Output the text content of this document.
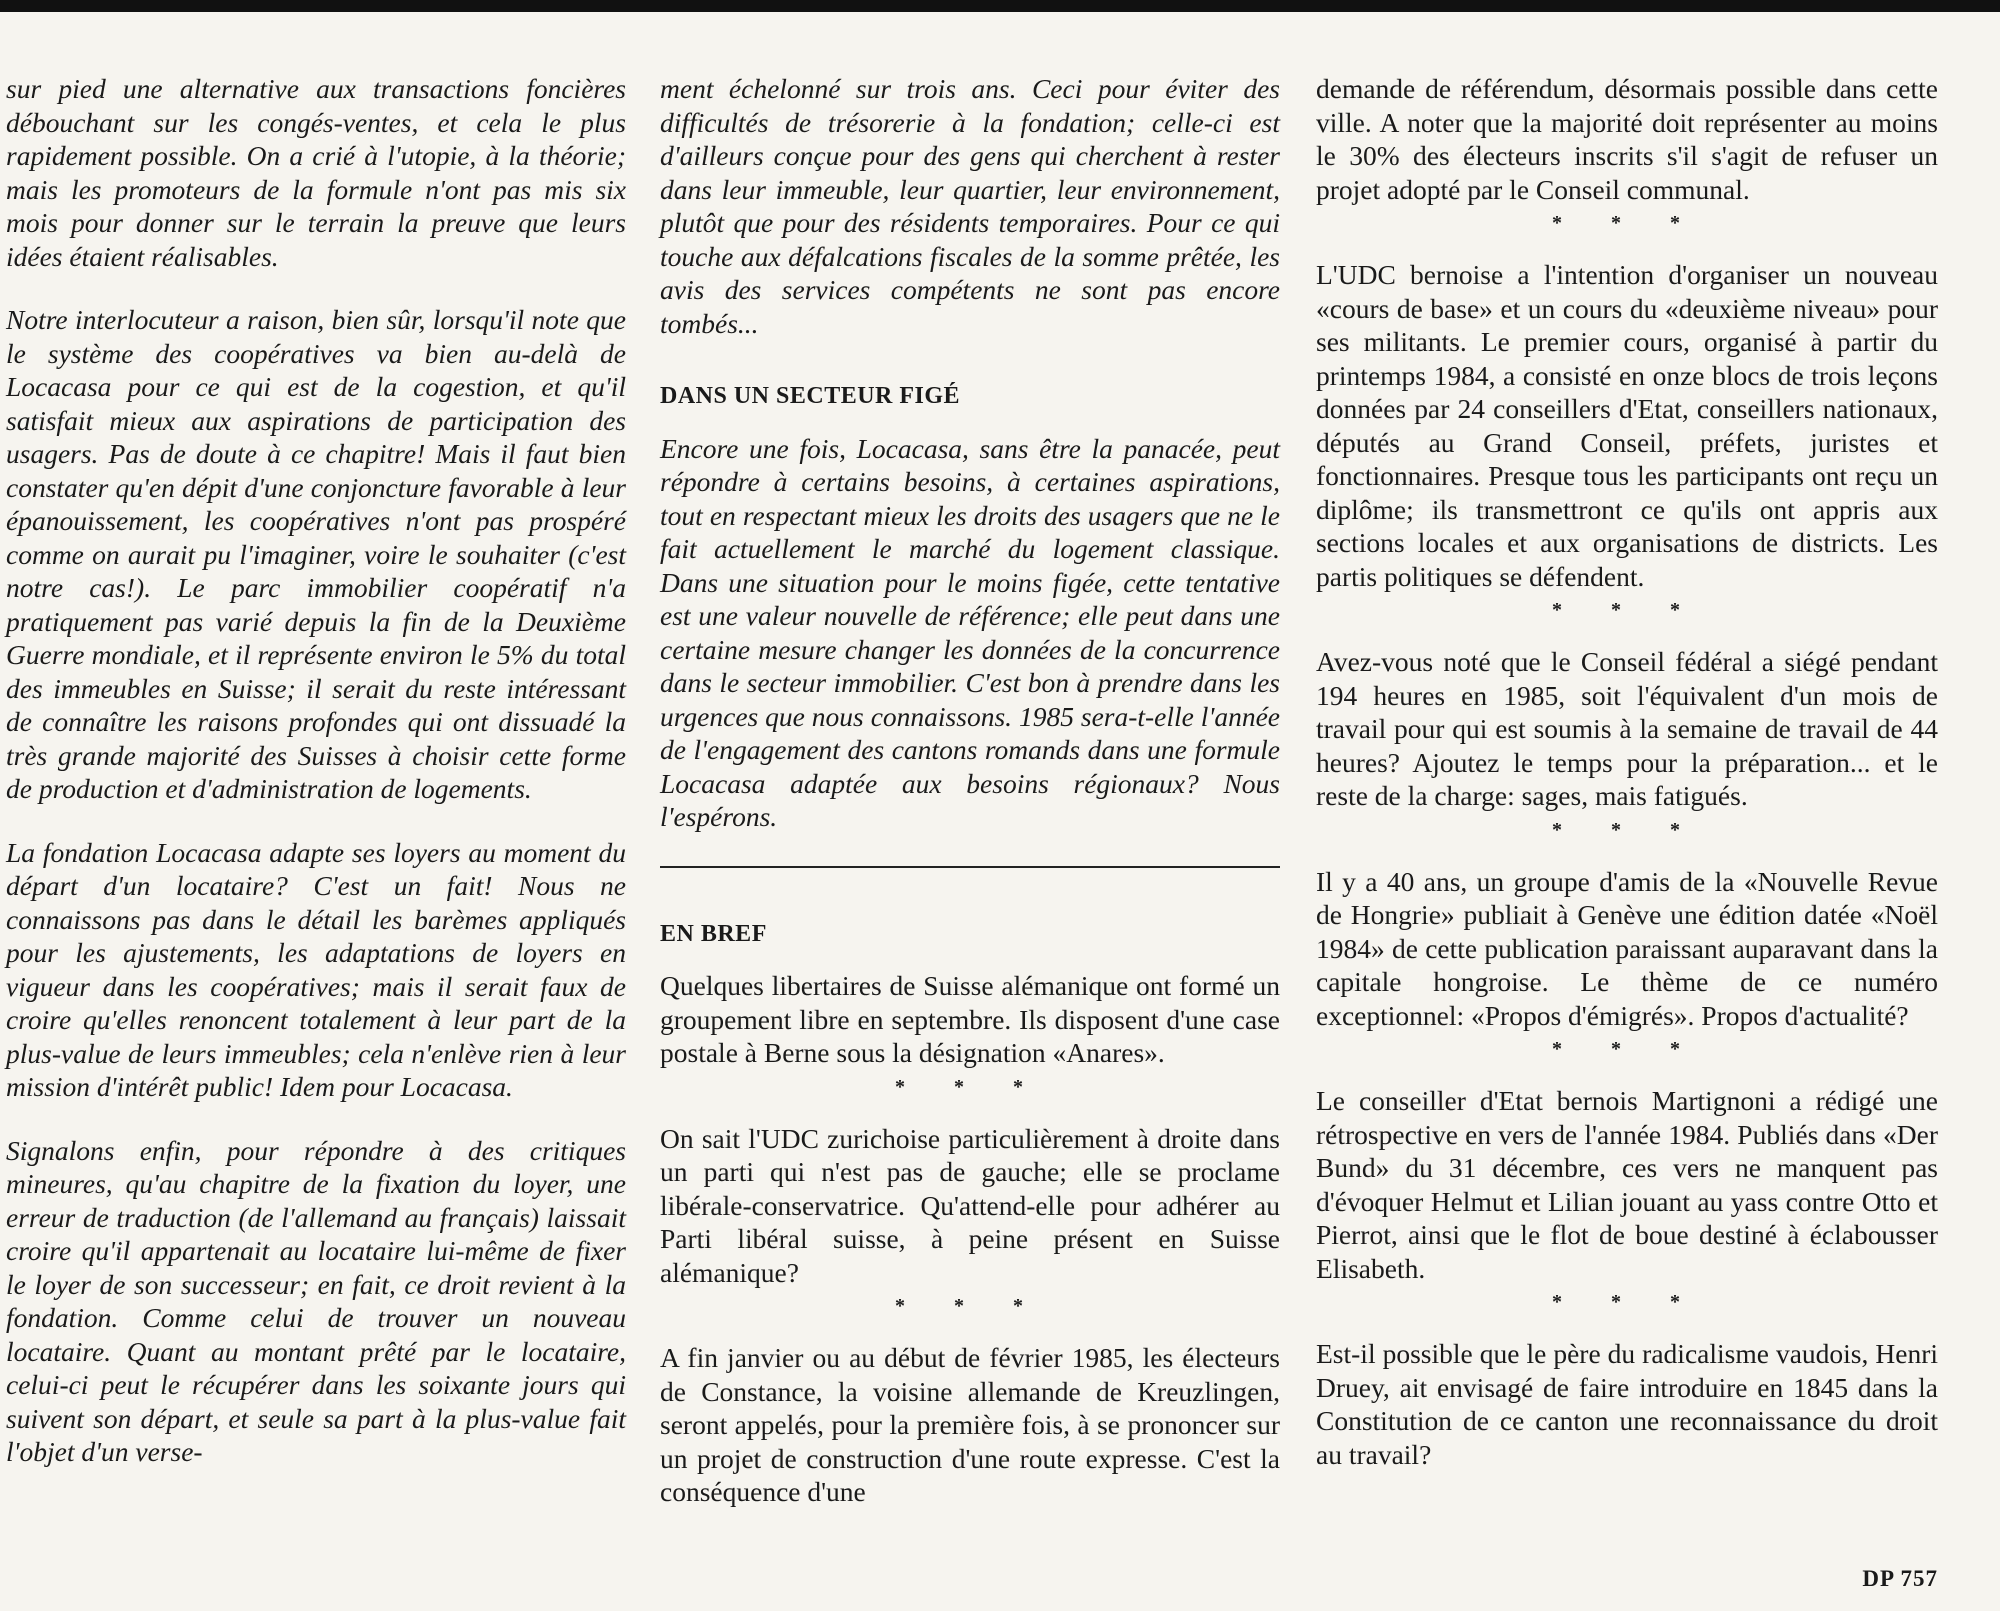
sur pied une alternative aux transactions foncières débouchant sur les congés-ventes, et cela le plus rapidement possible. On a crié à l'utopie, à la théorie; mais les promoteurs de la formule n'ont pas mis six mois pour donner sur le terrain la preuve que leurs idées étaient réalisables.

Notre interlocuteur a raison, bien sûr, lorsqu'il note que le système des coopératives va bien au-delà de Locacasa pour ce qui est de la cogestion, et qu'il satisfait mieux aux aspirations de participation des usagers. Pas de doute à ce chapitre! Mais il faut bien constater qu'en dépit d'une conjoncture favorable à leur épanouissement, les coopératives n'ont pas prospéré comme on aurait pu l'imaginer, voire le souhaiter (c'est notre cas!). Le parc immobilier coopératif n'a pratiquement pas varié depuis la fin de la Deuxième Guerre mondiale, et il représente environ le 5% du total des immeubles en Suisse; il serait du reste intéressant de connaître les raisons profondes qui ont dissuadé la très grande majorité des Suisses à choisir cette forme de production et d'administration de logements.

La fondation Locacasa adapte ses loyers au moment du départ d'un locataire? C'est un fait! Nous ne connaissons pas dans le détail les barèmes appliqués pour les ajustements, les adaptations de loyers en vigueur dans les coopératives; mais il serait faux de croire qu'elles renoncent totalement à leur part de la plus-value de leurs immeubles; cela n'enlève rien à leur mission d'intérêt public! Idem pour Locacasa.

Signalons enfin, pour répondre à des critiques mineures, qu'au chapitre de la fixation du loyer, une erreur de traduction (de l'allemand au français) laissait croire qu'il appartenait au locataire lui-même de fixer le loyer de son successeur; en fait, ce droit revient à la fondation. Comme celui de trouver un nouveau locataire. Quant au montant prêté par le locataire, celui-ci peut le récupérer dans les soixante jours qui suivent son départ, et seule sa part à la plus-value fait l'objet d'un verse-

ment échelonné sur trois ans. Ceci pour éviter des difficultés de trésorerie à la fondation; celle-ci est d'ailleurs conçue pour des gens qui cherchent à rester dans leur immeuble, leur quartier, leur environnement, plutôt que pour des résidents temporaires. Pour ce qui touche aux défalcations fiscales de la somme prêtée, les avis des services compétents ne sont pas encore tombés...

DANS UN SECTEUR FIGÉ

Encore une fois, Locacasa, sans être la panacée, peut répondre à certains besoins, à certaines aspirations, tout en respectant mieux les droits des usagers que ne le fait actuellement le marché du logement classique. Dans une situation pour le moins figée, cette tentative est une valeur nouvelle de référence; elle peut dans une certaine mesure changer les données de la concurrence dans le secteur immobilier. C'est bon à prendre dans les urgences que nous connaissons. 1985 sera-t-elle l'année de l'engagement des cantons romands dans une formule Locacasa adaptée aux besoins régionaux? Nous l'espérons.

EN BREF

Quelques libertaires de Suisse alémanique ont formé un groupement libre en septembre. Ils disposent d'une case postale à Berne sous la désignation «Anares».

* * *

On sait l'UDC zurichoise particulièrement à droite dans un parti qui n'est pas de gauche; elle se proclame libérale-conservatrice. Qu'attend-elle pour adhérer au Parti libéral suisse, à peine présent en Suisse alémanique?

* * *

A fin janvier ou au début de février 1985, les électeurs de Constance, la voisine allemande de Kreuzlingen, seront appelés, pour la première fois, à se prononcer sur un projet de construction d'une route expresse. C'est la conséquence d'une

demande de référendum, désormais possible dans cette ville. A noter que la majorité doit représenter au moins le 30% des électeurs inscrits s'il s'agit de refuser un projet adopté par le Conseil communal.

* * *

L'UDC bernoise a l'intention d'organiser un nouveau «cours de base» et un cours du «deuxième niveau» pour ses militants. Le premier cours, organisé à partir du printemps 1984, a consisté en onze blocs de trois leçons données par 24 conseillers d'Etat, conseillers nationaux, députés au Grand Conseil, préfets, juristes et fonctionnaires. Presque tous les participants ont reçu un diplôme; ils transmettront ce qu'ils ont appris aux sections locales et aux organisations de districts. Les partis politiques se défendent.

* * *

Avez-vous noté que le Conseil fédéral a siégé pendant 194 heures en 1985, soit l'équivalent d'un mois de travail pour qui est soumis à la semaine de travail de 44 heures? Ajoutez le temps pour la préparation... et le reste de la charge: sages, mais fatigués.

* * *

Il y a 40 ans, un groupe d'amis de la «Nouvelle Revue de Hongrie» publiait à Genève une édition datée «Noël 1984» de cette publication paraissant auparavant dans la capitale hongroise. Le thème de ce numéro exceptionnel: «Propos d'émigrés». Propos d'actualité?

* * *

Le conseiller d'Etat bernois Martignoni a rédigé une rétrospective en vers de l'année 1984. Publiés dans «Der Bund» du 31 décembre, ces vers ne manquent pas d'évoquer Helmut et Lilian jouant au yass contre Otto et Pierrot, ainsi que le flot de boue destiné à éclabousser Elisabeth.

* * *

Est-il possible que le père du radicalisme vaudois, Henri Druey, ait envisagé de faire introduire en 1845 dans la Constitution de ce canton une reconnaissance du droit au travail?

DP 757
